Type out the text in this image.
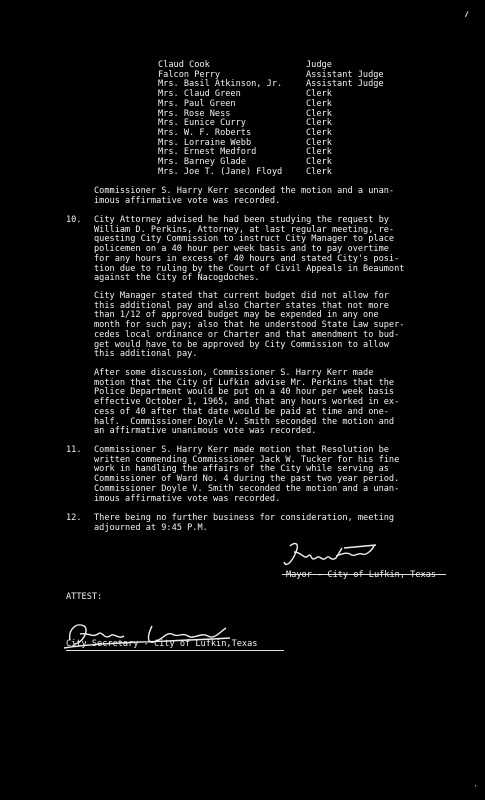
Claud Cook	Judge
Falcon Perry	Assistant Judge
Mrs. Basil Atkinson, Jr.	Assistant Judge
Mrs. Claud Green	Clerk
Mrs. Paul Green	Clerk
Mrs. Rose Ness	Clerk
Mrs. Eunice Curry	Clerk
Mrs. W. F. Roberts	Clerk
Mrs. Lorraine Webb	Clerk
Mrs. Ernest Medford	Clerk
Mrs. Barney Glade	Clerk
Mrs. Joe T. (Jane) Floyd	Clerk
Commissioner S. Harry Kerr seconded the motion and a unan-
imous affirmative vote was recorded.
10. City Attorney advised he had been studying the request by
William D. Perkins, Attorney, at last regular meeting, re-
questing City Commission to instruct City Manager to place
policemen on a 40 hour per week basis and to pay overtime
for any hours in excess of 40 hours and stated City's posi-
tion due to ruling by the Court of Civil Appeals in Beaumont
against the City of Nacogdoches.
City Manager stated that current budget did not allow for
this additional pay and also Charter states that not more
than 1/12 of approved budget may be expended in any one
month for such pay; also that he understood State Law super-
cedes local ordinance or Charter and that amendment to bud-
get would have to be approved by City Commission to allow
this additional pay.
After some discussion, Commissioner S. Harry Kerr made
motion that the City of Lufkin advise Mr. Perkins that the
Police Department would be put on a 40 hour per week basis
effective October 1, 1965, and that any hours worked in ex-
cess of 40 after that date would be paid at time and one-
half.  Commissioner Doyle V. Smith seconded the motion and
an affirmative unanimous vote was recorded.
11. Commissioner S. Harry Kerr made motion that Resolution be
written commending Commissioner Jack W. Tucker for his fine
work in handling the affairs of the City while serving as
Commissioner of Ward No. 4 during the past two year period.
Commissioner Doyle V. Smith seconded the motion and a unan-
imous affirmative vote was recorded.
12. There being no further business for consideration, meeting
adjourned at 9:45 P.M.
Mayor - City of Lufkin, Texas
ATTEST:
City Secretary - City of Lufkin,Texas
·
